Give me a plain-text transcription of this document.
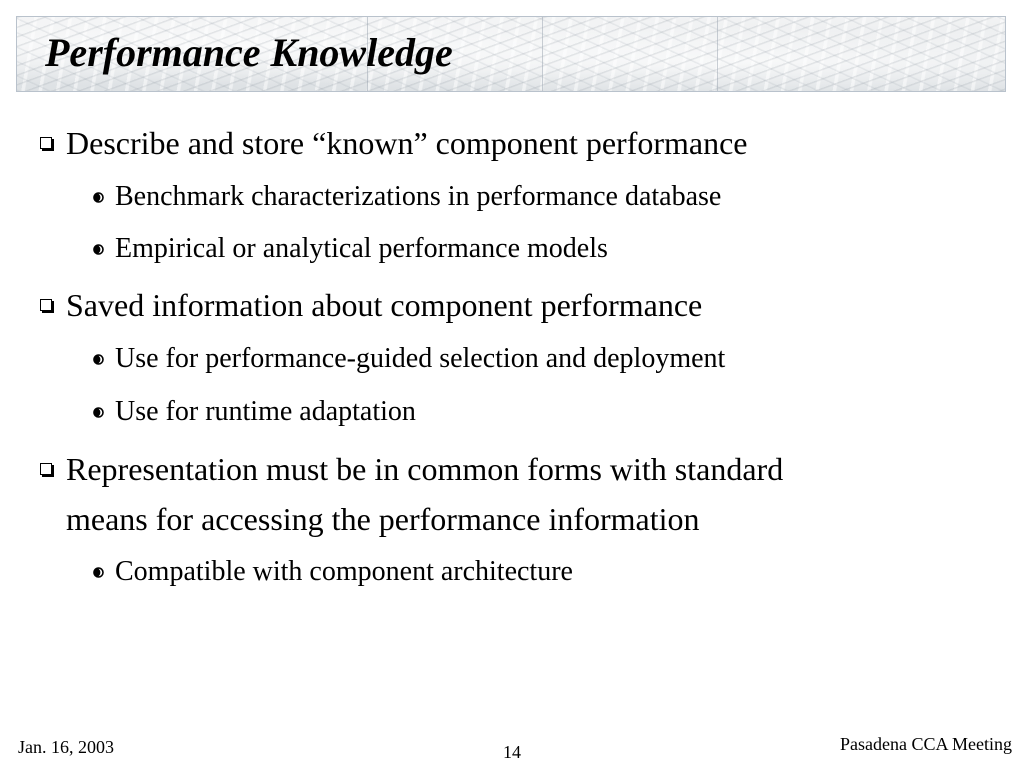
Performance Knowledge
Describe and store “known” component performance
Benchmark characterizations in performance database
Empirical or analytical performance models
Saved information about component performance
Use for performance-guided selection and deployment
Use for runtime adaptation
Representation must be in common forms with standard
means for accessing the performance information
Compatible with component architecture
Jan. 16, 2003	14	Pasadena CCA Meeting
